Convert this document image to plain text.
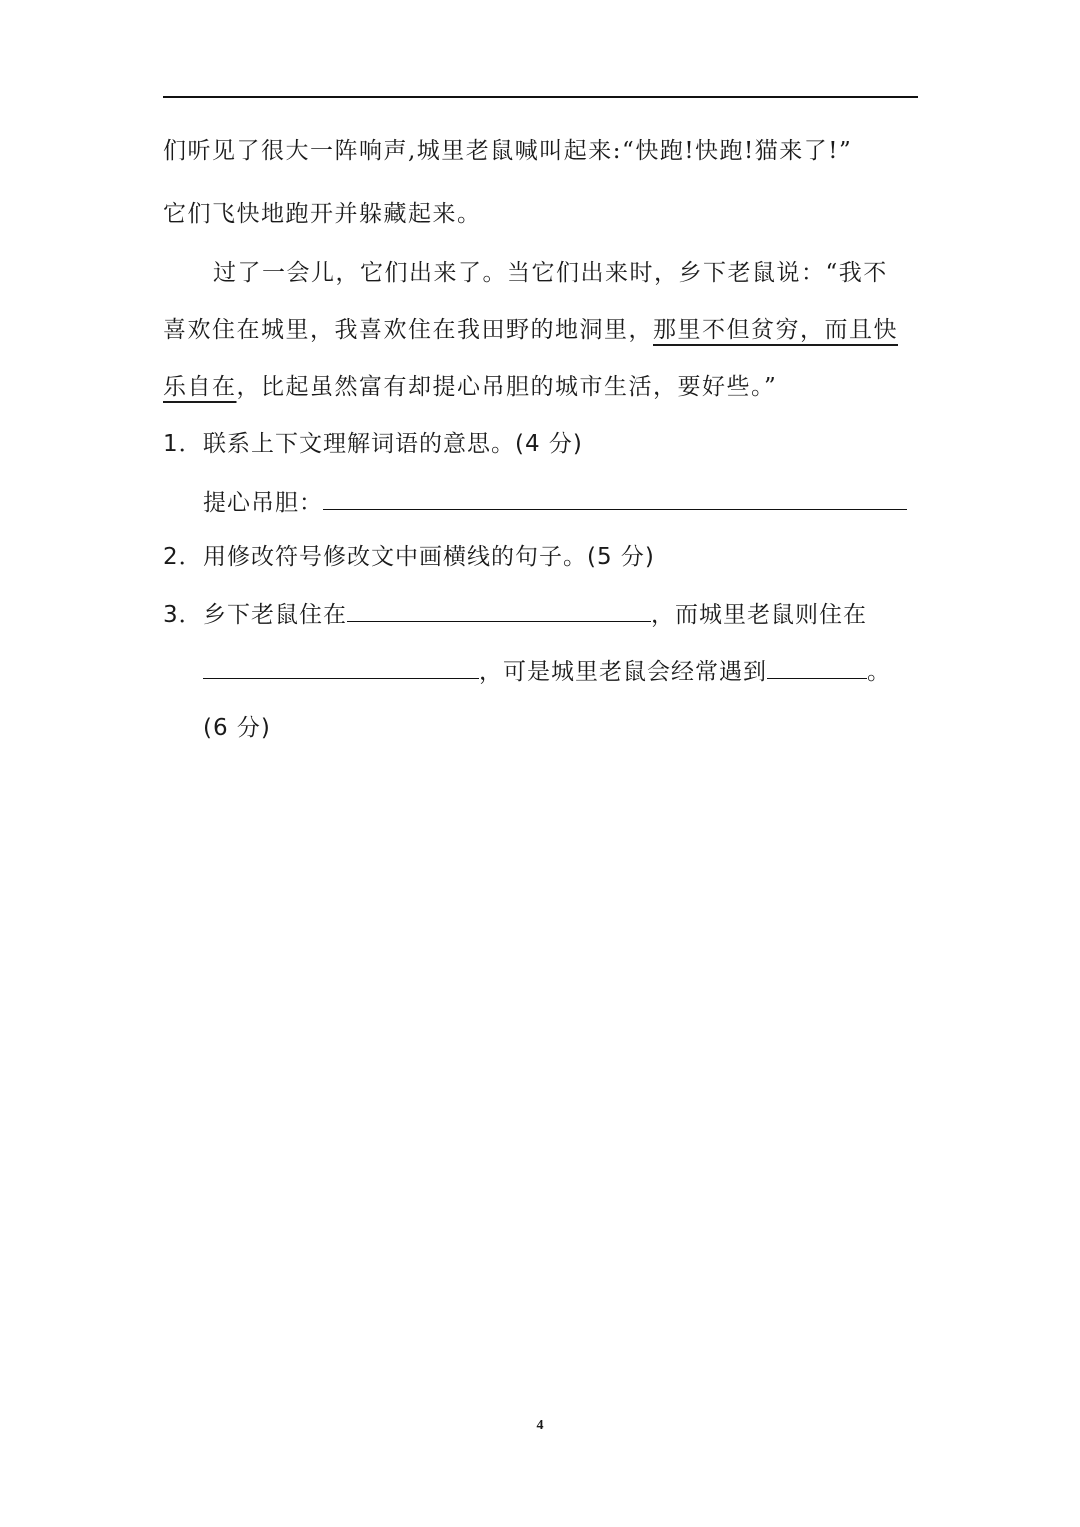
们听见了很大一阵响声,城里老鼠喊叫起来:“快跑!快跑!猫来了!”
它们飞快地跑开并躲藏起来。
过了一会儿，它们出来了。当它们出来时，乡下老鼠说：“我不
喜欢住在城里，我喜欢住在我田野的地洞里，那里不但贫穷，而且快
乐自在，比起虽然富有却提心吊胆的城市生活，要好些。”
1．联系上下文理解词语的意思。(4 分)
提心吊胆：
2．用修改符号修改文中画横线的句子。(5 分)
3．乡下老鼠住在	，而城里老鼠则住在
，可是城里老鼠会经常遇到	。
(6 分)
4
